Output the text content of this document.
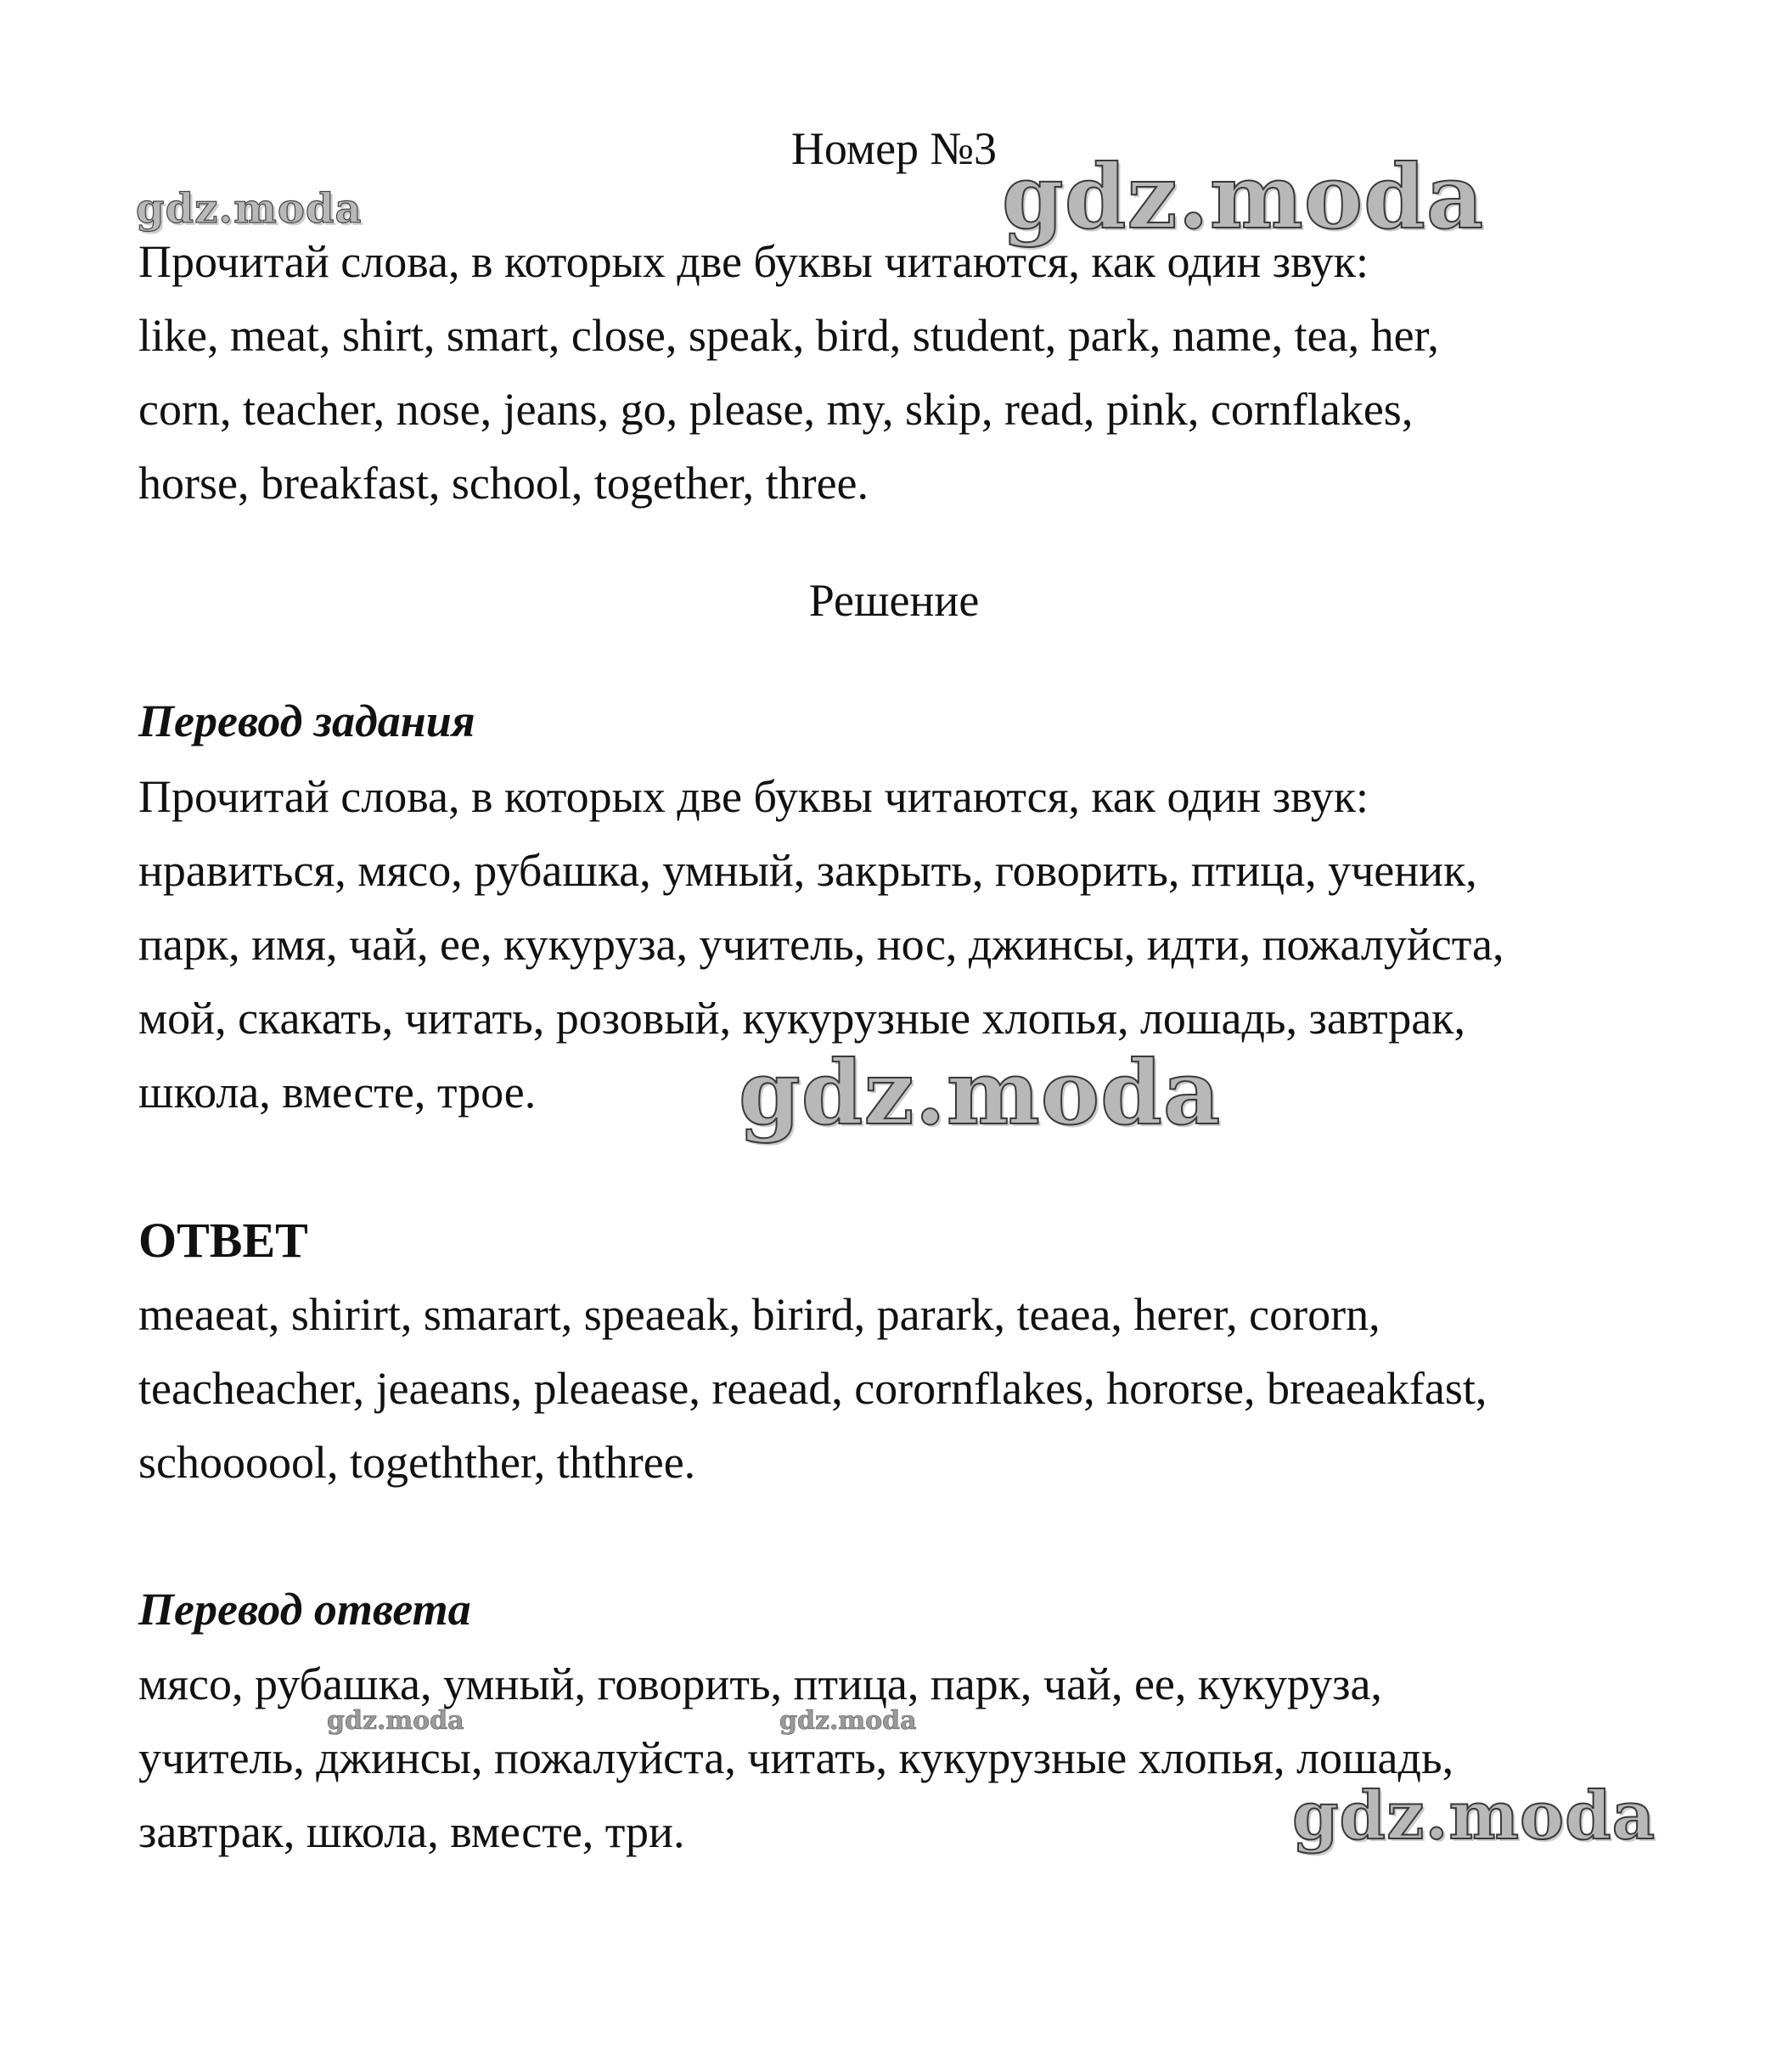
Номер №3

Прочитай слова, в которых две буквы читаются, как один звук:
like, meat, shirt, smart, close, speak, bird, student, park, name, tea, her,
corn, teacher, nose, jeans, go, please, my, skip, read, pink, cornflakes,
horse, breakfast, school, together, three.

Решение

Перевод задания

Прочитай слова, в которых две буквы читаются, как один звук:
нравиться, мясо, рубашка, умный, закрыть, говорить, птица, ученик,
парк, имя, чай, ее, кукуруза, учитель, нос, джинсы, идти, пожалуйста,
мой, скакать, читать, розовый, кукурузные хлопья, лошадь, завтрак,
школа, вместе, трое.

ОТВЕТ

meaeat, shirirt, smarart, speaeak, birird, parark, teaea, herer, cororn,
teacheacher, jeaeans, pleaease, reaead, corornflakes, hororse, breaeakfast,
schoooool, togethther, ththree.

Перевод ответа

мясо, рубашка, умный, говорить, птица, парк, чай, ее, кукуруза,
учитель, джинсы, пожалуйста, читать, кукурузные хлопья, лошадь,
завтрак, школа, вместе, три.
gdz.moda	gdz.moda
gdz.moda
gdz.moda	gdz.moda
gdz.moda
